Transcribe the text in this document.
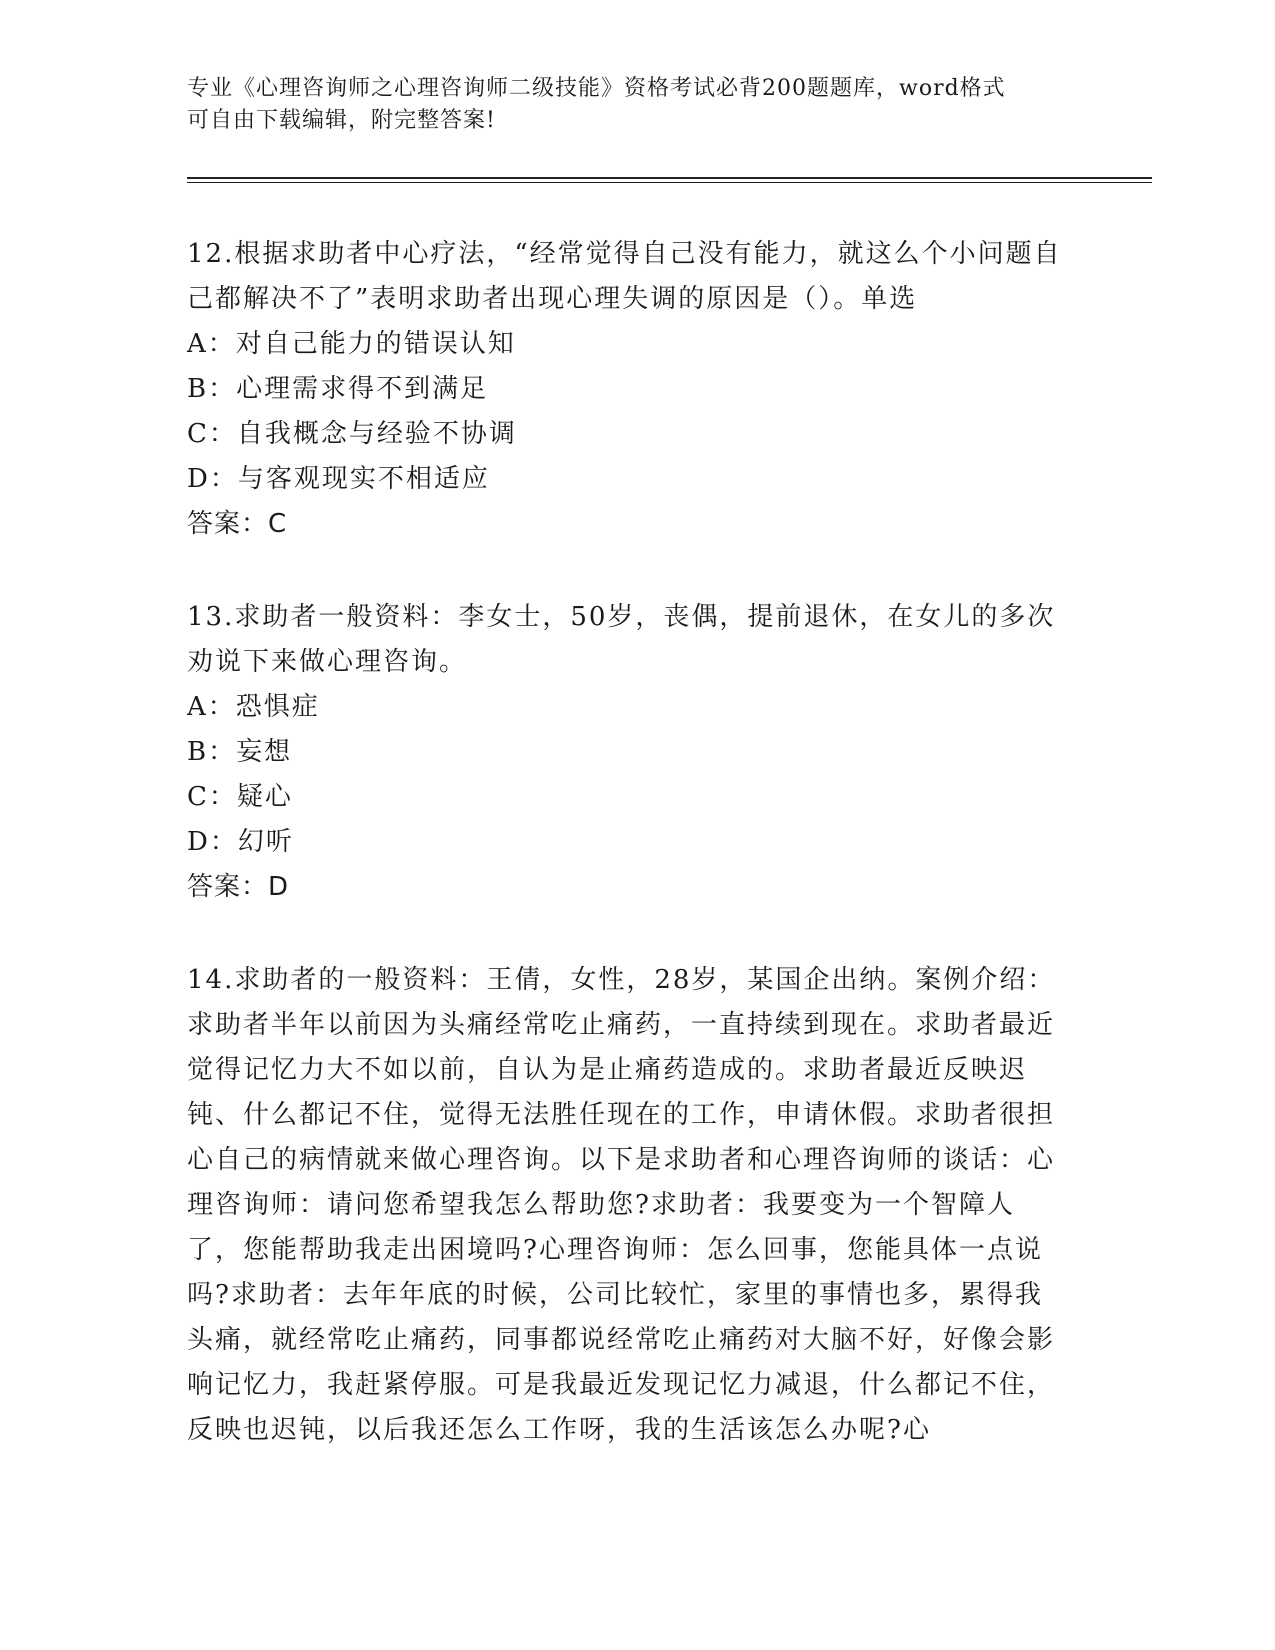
专业《心理咨询师之心理咨询师二级技能》资格考试必背200题题库，word格式
可自由下载编辑，附完整答案!
12.根据求助者中心疗法，“经常觉得自己没有能力，就这么个小问题自己都解决不了”表明求助者出现心理失调的原因是（）。单选
A：对自己能力的错误认知
B：心理需求得不到满足
C：自我概念与经验不协调
D：与客观现实不相适应
答案：C
13.求助者一般资料：李女士，50岁，丧偶，提前退休，在女儿的多次劝说下来做心理咨询。
A：恐惧症
B：妄想
C：疑心
D：幻听
答案：D
14.求助者的一般资料：王倩，女性，28岁，某国企出纳。案例介绍：求助者半年以前因为头痛经常吃止痛药，一直持续到现在。求助者最近觉得记忆力大不如以前，自认为是止痛药造成的。求助者最近反映迟钝、什么都记不住，觉得无法胜任现在的工作，申请休假。求助者很担心自己的病情就来做心理咨询。以下是求助者和心理咨询师的谈话：心理咨询师：请问您希望我怎么帮助您?求助者：我要变为一个智障人了，您能帮助我走出困境吗?心理咨询师：怎么回事，您能具体一点说吗?求助者：去年年底的时候，公司比较忙，家里的事情也多，累得我头痛，就经常吃止痛药，同事都说经常吃止痛药对大脑不好，好像会影响记忆力，我赶紧停服。可是我最近发现记忆力减退，什么都记不住，反映也迟钝，以后我还怎么工作呀，我的生活该怎么办呢?心
